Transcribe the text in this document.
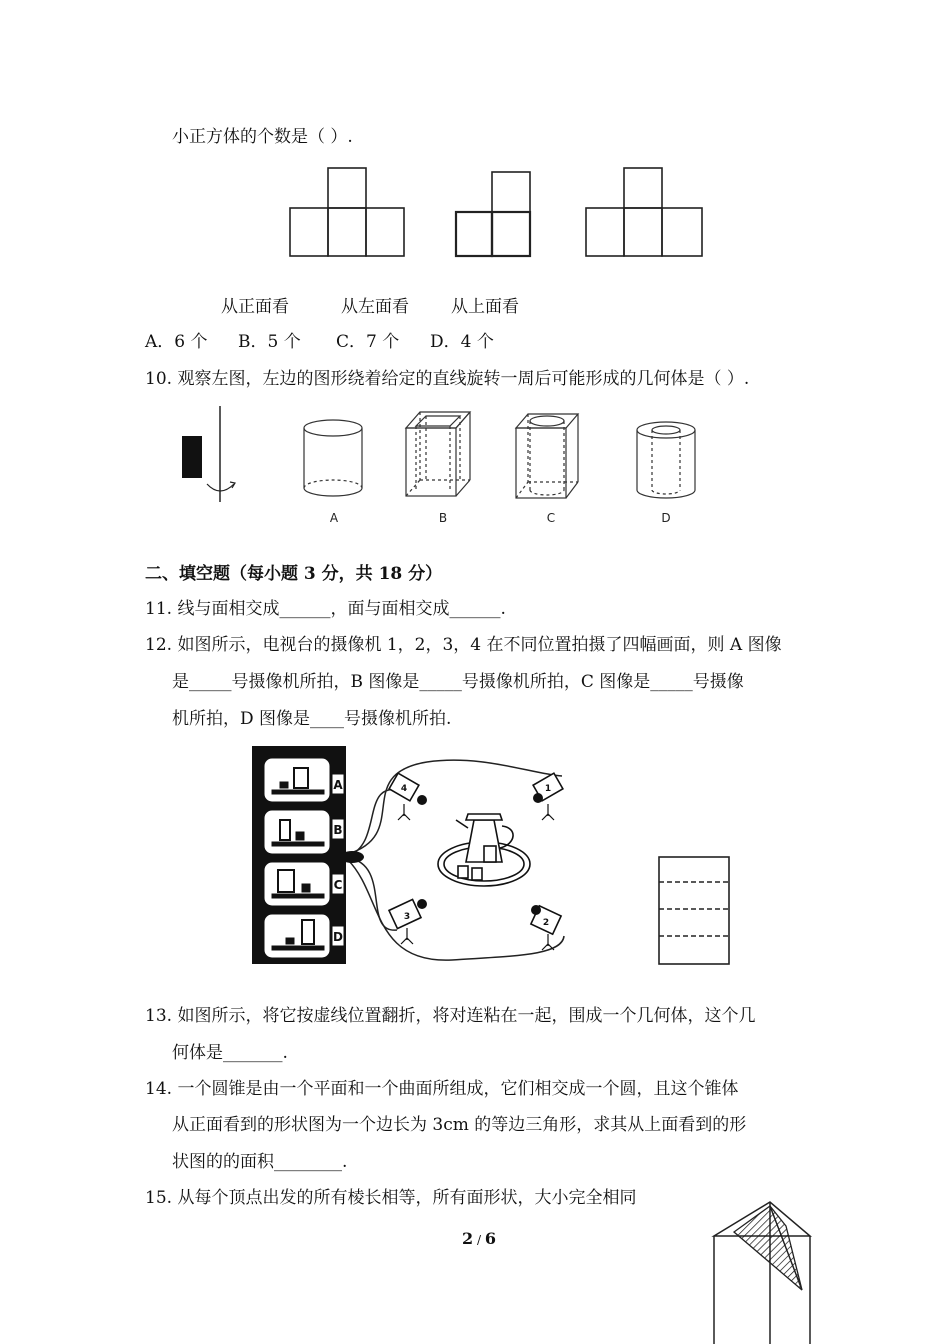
小正方体的个数是（ ）.
从正面看	从左面看 从上面看
A．6 个 B．5 个 C．7 个 D．4 个
10. 观察左图，左边的图形绕着给定的直线旋转一周后可能形成的几何体是（ ）.
A	B	C	D
二、填空题（每小题 3 分，共 18 分）
11. 线与面相交成______，面与面相交成______.
12. 如图所示，电视台的摄像机 1，2，3，4 在不同位置拍摄了四幅画面，则 A 图像
是_____号摄像机所拍，B 图像是_____号摄像机所拍，C 图像是_____号摄像
机所拍，D 图像是____号摄像机所拍.
A
B
C
D
4	1
3
2
13. 如图所示，将它按虚线位置翻折，将对连粘在一起，围成一个几何体，这个几
何体是_______.
14. 一个圆锥是由一个平面和一个曲面所组成，它们相交成一个圆，且这个锥体
从正面看到的形状图为一个边长为 3cm 的等边三角形，求其从上面看到的形
状图的的面积________.
15. 从每个顶点出发的所有棱长相等，所有面形状，大小完全相同
2 / 6
